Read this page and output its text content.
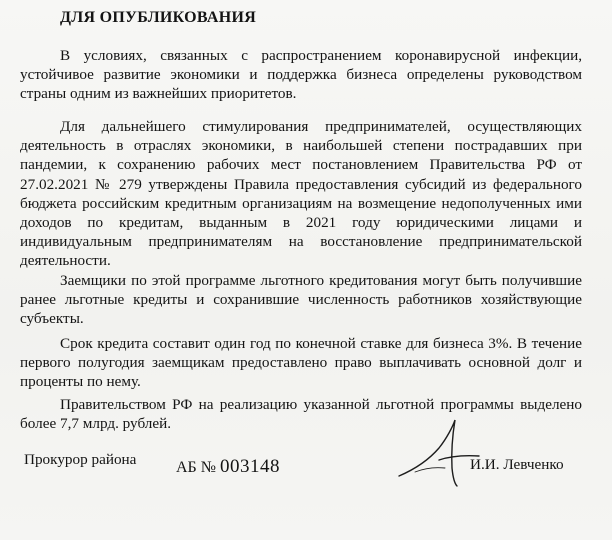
ДЛЯ ОПУБЛИКОВАНИЯ

В условиях, связанных с распространением коронавирусной инфекции, устойчивое развитие экономики и поддержка бизнеса определены руководством страны одним из важнейших приоритетов.

Для дальнейшего стимулирования предпринимателей, осуществляющих деятельность в отраслях экономики, в наибольшей степени пострадавших при пандемии, к сохранению рабочих мест постановлением Правительства РФ от 27.02.2021 № 279 утверждены Правила предоставления субсидий из федерального бюджета российским кредитным организациям на возмещение недополученных ими доходов по кредитам, выданным в 2021 году юридическими лицами и индивидуальным предпринимателям на восстановление предпринимательской деятельности.

Заемщики по этой программе льготного кредитования могут быть получившие ранее льготные кредиты и сохранившие численность работников хозяйствующие субъекты.

Срок кредита составит один год по конечной ставке для бизнеса 3%. В течение первого полугодия заемщикам предоставлено право выплачивать основной долг и проценты по нему.

Правительством РФ на реализацию указанной льготной программы выделено более 7,7 млрд. рублей.

Прокурор района АБ № 003148	И.И. Левченко
